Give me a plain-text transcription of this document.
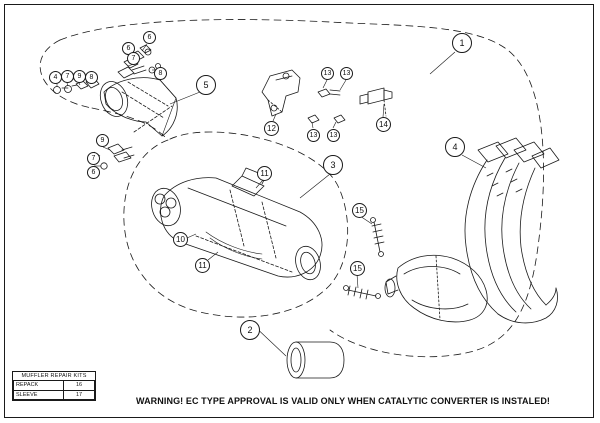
1
2
3
4
5
6
6
6
7
7
8
8
9
9
4 7
10
11
11
12
13 13
13 13
14
15
15
MUFFLER REPAIR KITS	
REPACK	16
SLEEVE	17
WARNING! EC TYPE APPROVAL IS VALID ONLY WHEN CATALYTIC CONVERTER IS INSTALED!
